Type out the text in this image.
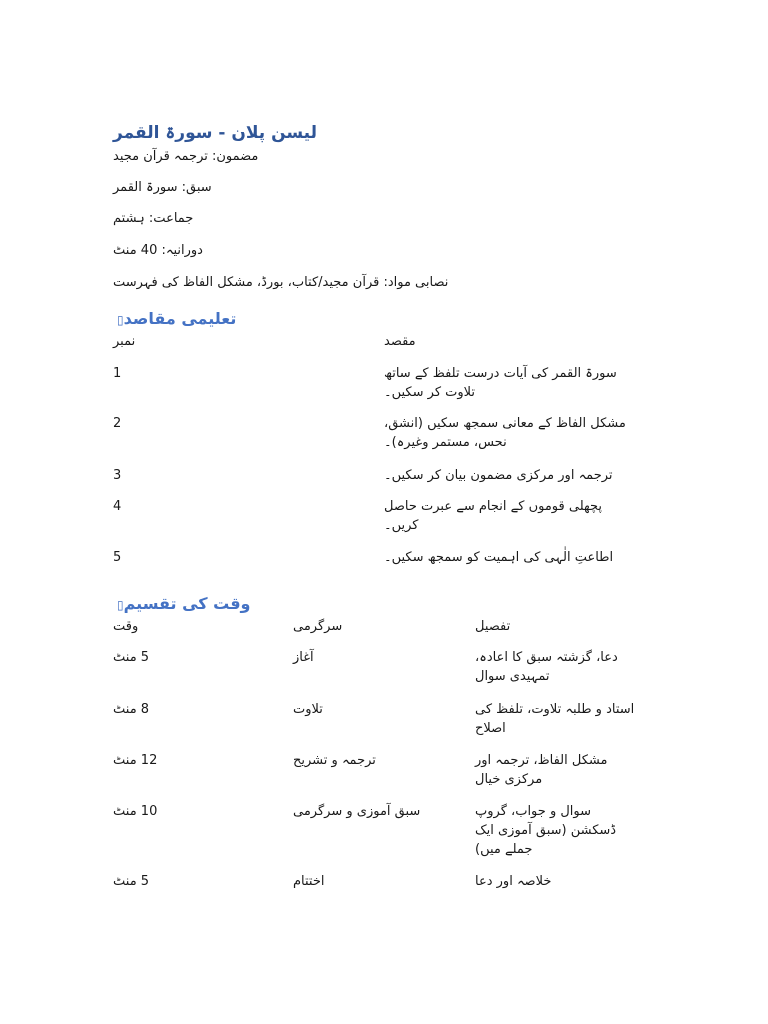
لیسن پلان - سورۃ القمر
مضمون: ترجمہ قرآن مجید
سبق: سورۃ القمر
جماعت: ہشتم
دورانیہ: 40 منٹ
نصابی مواد: قرآن مجید/کتاب، بورڈ، مشکل الفاظ کی فہرست
تعلیمی مقاصد▯
نمبر	مقصد
1	سورۃ القمر کی آیات درست تلفظ کے ساتھ تلاوت کر سکیں۔
2	مشکل الفاظ کے معانی سمجھ سکیں (انشق، نحس، مستمر وغیرہ)۔
3	ترجمہ اور مرکزی مضمون بیان کر سکیں۔
4	پچھلی قوموں کے انجام سے عبرت حاصل کریں۔
5	اطاعتِ الٰہی کی اہمیت کو سمجھ سکیں۔
وقت کی تقسیم▯
وقت	سرگرمی	تفصیل
5 منٹ	آغاز	دعا، گزشتہ سبق کا اعادہ، تمہیدی سوال
8 منٹ	تلاوت	استاد و طلبہ تلاوت، تلفظ کی اصلاح
12 منٹ	ترجمہ و تشریح	مشکل الفاظ، ترجمہ اور مرکزی خیال
10 منٹ	سبق آموزی و سرگرمی	سوال و جواب، گروپ ڈسکشن (سبق آموزی ایک جملے میں)
5 منٹ	اختتام	خلاصہ اور دعا
